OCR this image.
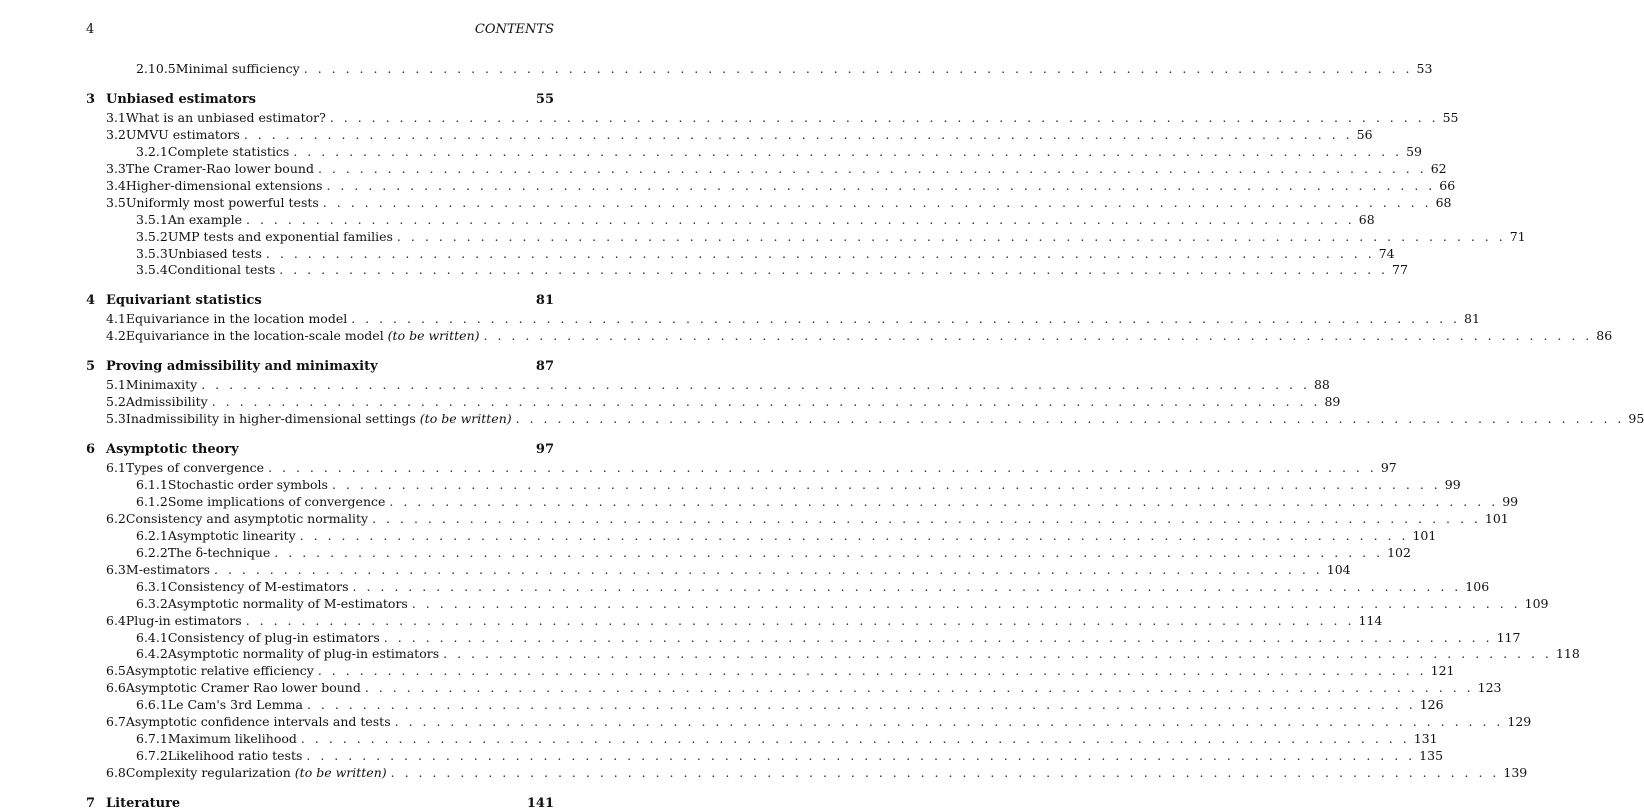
4	CONTENTS
2.10.5 Minimal sufficiency . . . . . . . . . . . . . . . . . . . . . . . . . . . . . . . . . . . . . . . . . . . . . . . . . . . . . . . . . . . . . . . . . . . . . . . . . . . . . . . . 53
3 Unbiased estimators	55
3.1 What is an unbiased estimator? . . . . . . . . . . . . . . . . . . . . . . . . . . . . . . . . . . . . . . . . . . . . . . . . . . . . . . . . . . . . . . . . . . . . . . . . . . . . . . . . 55
3.2 UMVU estimators . . . . . . . . . . . . . . . . . . . . . . . . . . . . . . . . . . . . . . . . . . . . . . . . . . . . . . . . . . . . . . . . . . . . . . . . . . . . . . . . 56
3.2.1 Complete statistics . . . . . . . . . . . . . . . . . . . . . . . . . . . . . . . . . . . . . . . . . . . . . . . . . . . . . . . . . . . . . . . . . . . . . . . . . . . . . . . . 59
3.3 The Cramer-Rao lower bound . . . . . . . . . . . . . . . . . . . . . . . . . . . . . . . . . . . . . . . . . . . . . . . . . . . . . . . . . . . . . . . . . . . . . . . . . . . . . . . . 62
3.4 Higher-dimensional extensions . . . . . . . . . . . . . . . . . . . . . . . . . . . . . . . . . . . . . . . . . . . . . . . . . . . . . . . . . . . . . . . . . . . . . . . . . . . . . . . . 66
3.5 Uniformly most powerful tests . . . . . . . . . . . . . . . . . . . . . . . . . . . . . . . . . . . . . . . . . . . . . . . . . . . . . . . . . . . . . . . . . . . . . . . . . . . . . . . . 68
3.5.1 An example . . . . . . . . . . . . . . . . . . . . . . . . . . . . . . . . . . . . . . . . . . . . . . . . . . . . . . . . . . . . . . . . . . . . . . . . . . . . . . . . 68
3.5.2 UMP tests and exponential families . . . . . . . . . . . . . . . . . . . . . . . . . . . . . . . . . . . . . . . . . . . . . . . . . . . . . . . . . . . . . . . . . . . . . . . . . . . . . . . . 71
3.5.3 Unbiased tests . . . . . . . . . . . . . . . . . . . . . . . . . . . . . . . . . . . . . . . . . . . . . . . . . . . . . . . . . . . . . . . . . . . . . . . . . . . . . . . . 74
3.5.4 Conditional tests . . . . . . . . . . . . . . . . . . . . . . . . . . . . . . . . . . . . . . . . . . . . . . . . . . . . . . . . . . . . . . . . . . . . . . . . . . . . . . . . 77
4 Equivariant statistics	81
4.1 Equivariance in the location model . . . . . . . . . . . . . . . . . . . . . . . . . . . . . . . . . . . . . . . . . . . . . . . . . . . . . . . . . . . . . . . . . . . . . . . . . . . . . . . . 81
4.2 Equivariance in the location-scale model (to be written) . . . . . . . . . . . . . . . . . . . . . . . . . . . . . . . . . . . . . . . . . . . . . . . . . . . . . . . . . . . . . . . . . . . . . . . . . . . . . . . . 86
5 Proving admissibility and minimaxity	87
5.1 Minimaxity . . . . . . . . . . . . . . . . . . . . . . . . . . . . . . . . . . . . . . . . . . . . . . . . . . . . . . . . . . . . . . . . . . . . . . . . . . . . . . . . 88
5.2 Admissibility . . . . . . . . . . . . . . . . . . . . . . . . . . . . . . . . . . . . . . . . . . . . . . . . . . . . . . . . . . . . . . . . . . . . . . . . . . . . . . . . 89
5.3 Inadmissibility in higher-dimensional settings (to be written) . . . . . . . . . . . . . . . . . . . . . . . . . . . . . . . . . . . . . . . . . . . . . . . . . . . . . . . . . . . . . . . . . . . . . . . . . . . . . . . . 95
6 Asymptotic theory	97
6.1 Types of convergence . . . . . . . . . . . . . . . . . . . . . . . . . . . . . . . . . . . . . . . . . . . . . . . . . . . . . . . . . . . . . . . . . . . . . . . . . . . . . . . . 97
6.1.1 Stochastic order symbols . . . . . . . . . . . . . . . . . . . . . . . . . . . . . . . . . . . . . . . . . . . . . . . . . . . . . . . . . . . . . . . . . . . . . . . . . . . . . . . . 99
6.1.2 Some implications of convergence . . . . . . . . . . . . . . . . . . . . . . . . . . . . . . . . . . . . . . . . . . . . . . . . . . . . . . . . . . . . . . . . . . . . . . . . . . . . . . . . 99
6.2 Consistency and asymptotic normality . . . . . . . . . . . . . . . . . . . . . . . . . . . . . . . . . . . . . . . . . . . . . . . . . . . . . . . . . . . . . . . . . . . . . . . . . . . . . . . . 101
6.2.1 Asymptotic linearity . . . . . . . . . . . . . . . . . . . . . . . . . . . . . . . . . . . . . . . . . . . . . . . . . . . . . . . . . . . . . . . . . . . . . . . . . . . . . . . . 101
6.2.2 The δ-technique . . . . . . . . . . . . . . . . . . . . . . . . . . . . . . . . . . . . . . . . . . . . . . . . . . . . . . . . . . . . . . . . . . . . . . . . . . . . . . . . 102
6.3 M-estimators . . . . . . . . . . . . . . . . . . . . . . . . . . . . . . . . . . . . . . . . . . . . . . . . . . . . . . . . . . . . . . . . . . . . . . . . . . . . . . . . 104
6.3.1 Consistency of M-estimators . . . . . . . . . . . . . . . . . . . . . . . . . . . . . . . . . . . . . . . . . . . . . . . . . . . . . . . . . . . . . . . . . . . . . . . . . . . . . . . . 106
6.3.2 Asymptotic normality of M-estimators . . . . . . . . . . . . . . . . . . . . . . . . . . . . . . . . . . . . . . . . . . . . . . . . . . . . . . . . . . . . . . . . . . . . . . . . . . . . . . . . 109
6.4 Plug-in estimators . . . . . . . . . . . . . . . . . . . . . . . . . . . . . . . . . . . . . . . . . . . . . . . . . . . . . . . . . . . . . . . . . . . . . . . . . . . . . . . . 114
6.4.1 Consistency of plug-in estimators . . . . . . . . . . . . . . . . . . . . . . . . . . . . . . . . . . . . . . . . . . . . . . . . . . . . . . . . . . . . . . . . . . . . . . . . . . . . . . . . 117
6.4.2 Asymptotic normality of plug-in estimators . . . . . . . . . . . . . . . . . . . . . . . . . . . . . . . . . . . . . . . . . . . . . . . . . . . . . . . . . . . . . . . . . . . . . . . . . . . . . . . . 118
6.5 Asymptotic relative efficiency . . . . . . . . . . . . . . . . . . . . . . . . . . . . . . . . . . . . . . . . . . . . . . . . . . . . . . . . . . . . . . . . . . . . . . . . . . . . . . . . 121
6.6 Asymptotic Cramer Rao lower bound . . . . . . . . . . . . . . . . . . . . . . . . . . . . . . . . . . . . . . . . . . . . . . . . . . . . . . . . . . . . . . . . . . . . . . . . . . . . . . . . 123
6.6.1 Le Cam's 3rd Lemma . . . . . . . . . . . . . . . . . . . . . . . . . . . . . . . . . . . . . . . . . . . . . . . . . . . . . . . . . . . . . . . . . . . . . . . . . . . . . . . . 126
6.7 Asymptotic confidence intervals and tests . . . . . . . . . . . . . . . . . . . . . . . . . . . . . . . . . . . . . . . . . . . . . . . . . . . . . . . . . . . . . . . . . . . . . . . . . . . . . . . . 129
6.7.1 Maximum likelihood . . . . . . . . . . . . . . . . . . . . . . . . . . . . . . . . . . . . . . . . . . . . . . . . . . . . . . . . . . . . . . . . . . . . . . . . . . . . . . . . 131
6.7.2 Likelihood ratio tests . . . . . . . . . . . . . . . . . . . . . . . . . . . . . . . . . . . . . . . . . . . . . . . . . . . . . . . . . . . . . . . . . . . . . . . . . . . . . . . . 135
6.8 Complexity regularization (to be written) . . . . . . . . . . . . . . . . . . . . . . . . . . . . . . . . . . . . . . . . . . . . . . . . . . . . . . . . . . . . . . . . . . . . . . . . . . . . . . . . 139
7 Literature	141
